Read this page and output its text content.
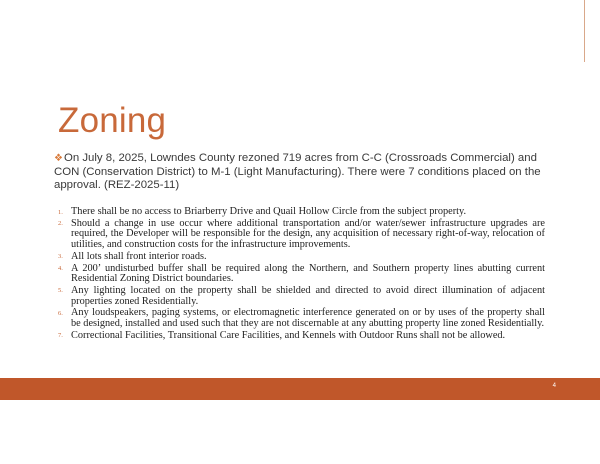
Zoning
❖On July 8, 2025, Lowndes County rezoned 719 acres from C-C (Crossroads Commercial) and CON (Conservation District) to M-1 (Light Manufacturing). There were 7 conditions placed on the approval. (REZ-2025-11)
1. There shall be no access to Briarberry Drive and Quail Hollow Circle from the subject property.
2. Should a change in use occur where additional transportation and/or water/sewer infrastructure upgrades are required, the Developer will be responsible for the design, any acquisition of necessary right-of-way, relocation of utilities, and construction costs for the infrastructure improvements.
3. All lots shall front interior roads.
4. A 200’ undisturbed buffer shall be required along the Northern, and Southern property lines abutting current Residential Zoning District boundaries.
5. Any lighting located on the property shall be shielded and directed to avoid direct illumination of adjacent properties zoned Residentially.
6. Any loudspeakers, paging systems, or electromagnetic interference generated on or by uses of the property shall be designed, installed and used such that they are not discernable at any abutting property line zoned Residentially.
7. Correctional Facilities, Transitional Care Facilities, and Kennels with Outdoor Runs shall not be allowed.
4
